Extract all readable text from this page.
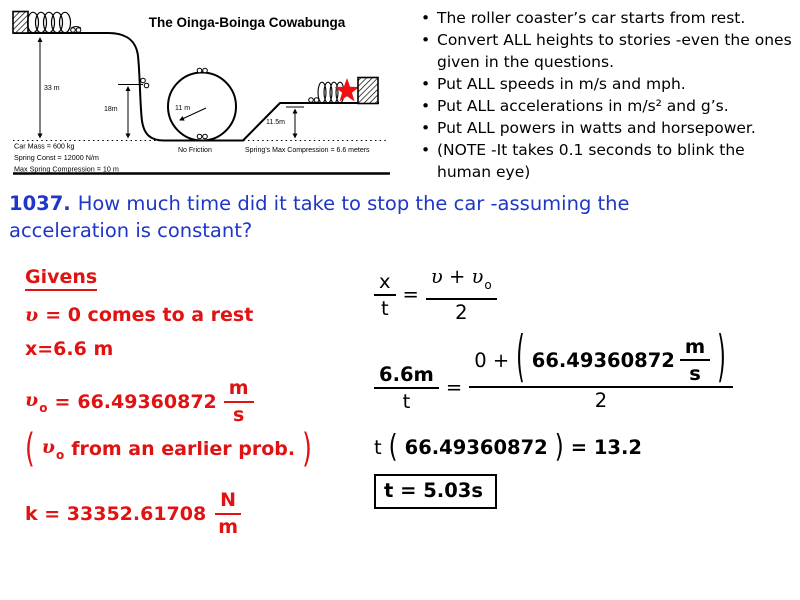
The Oinga-Boinga Cowabunga
33 m
18m	11 m
11.5m
No Friction	Spring’s Max Compression = 6.6 meters
Car Mass = 600 kg
Spring Const = 12000 N/m
Max Spring Compression = 10 m
• The roller coaster’s car starts from rest.
• Convert ALL heights to stories -even the ones given in the questions.
• Put ALL speeds in m/s and mph.
• Put ALL accelerations in m/s² and g’s.
• Put ALL powers in watts and horsepower.
• (NOTE -It takes 0.1 seconds to blink the human eye)
1037. How much time did it take to stop the car -assuming the
acceleration is constant?
Givens
υ = 0 comes to a rest
x=6.6 m
$\upsilon_o = 66.49360872 \frac{m}{s}$
( $\upsilon_o$ from an earlier prob. )
$k = 33352.61708 \frac{N}{m}$
$\frac{x}{t} = \frac{\upsilon + \upsilon_o}{2}$
$\frac{6.6m}{t}$ =
0 + ( $66.49360872 \frac{m}{s}$ )
2
t ( 66.49360872 ) = 13.2
t = 5.03s
